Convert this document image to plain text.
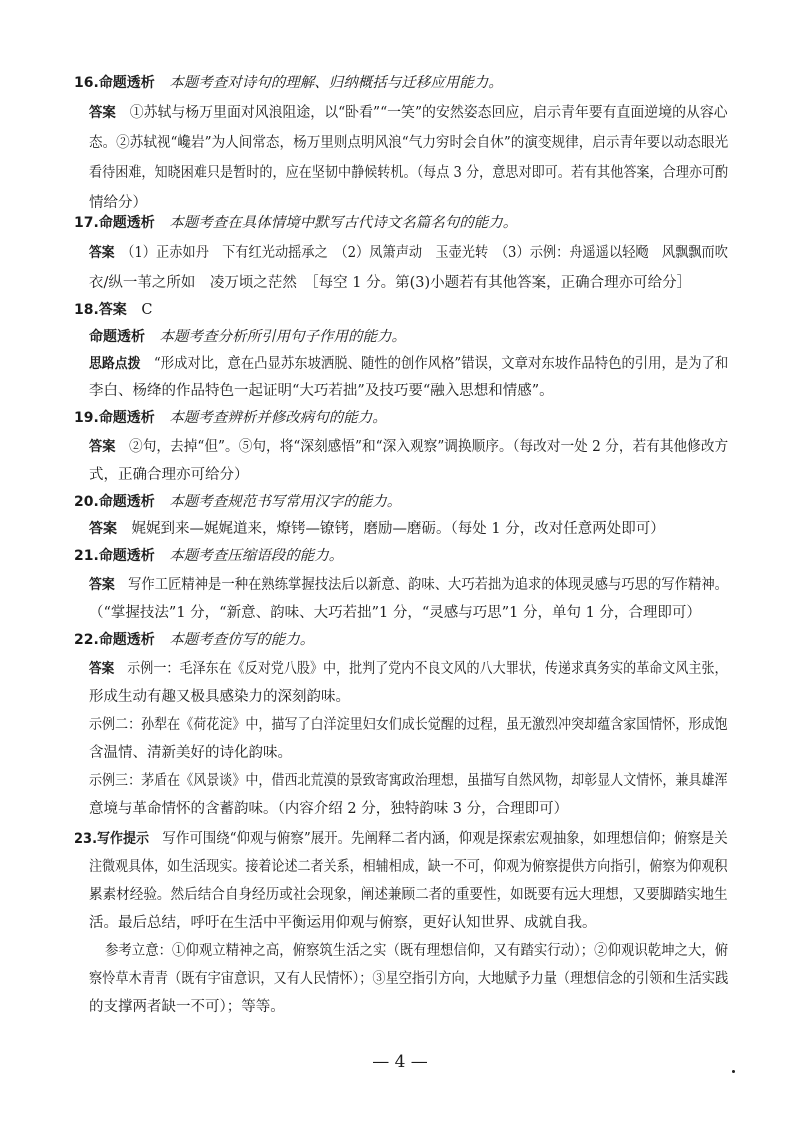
16.命题透析　 本题考查对诗句的理解、归纳概括与迁移应用能力。
答案　 ①苏轼与杨万里面对风浪阻途，以“卧看”“一笑”的安然姿态回应，启示青年要有直面逆境的从容心
态。②苏轼视“巉岩”为人间常态，杨万里则点明风浪“气力穷时会自休”的演变规律，启示青年要以动态眼光
看待困难，知晓困难只是暂时的，应在坚韧中静候转机。（每点 3 分，意思对即可。若有其他答案，合理亦可酌
情给分）
17.命题透析　 本题考查在具体情境中默写古代诗文名篇名句的能力。
答案　 （1）正赤如丹　下有红光动摇承之　（2）凤箫声动　玉壶光转　（3）示例：舟遥遥以轻飏　风飘飘而吹
衣/纵一苇之所如　凌万顷之茫然　［每空 1 分。第(3)小题若有其他答案，正确合理亦可给分］
18.答案　 C
命题透析　 本题考查分析所引用句子作用的能力。
思路点拨　 “形成对比，意在凸显苏东坡洒脱、随性的创作风格”错误，文章对东坡作品特色的引用，是为了和
李白、杨绛的作品特色一起证明“大巧若拙”及技巧要“融入思想和情感”。
19.命题透析　 本题考查辨析并修改病句的能力。
答案　 ②句，去掉“但”。⑤句，将“深刻感悟”和“深入观察”调换顺序。（每改对一处 2 分，若有其他修改方
式，正确合理亦可给分）
20.命题透析　 本题考查规范书写常用汉字的能力。
答案　 娓娓到来—娓娓道来，燎铐—镣铐，磨励—磨砺。（每处 1 分，改对任意两处即可）
21.命题透析　 本题考查压缩语段的能力。
答案　 写作工匠精神是一种在熟练掌握技法后以新意、韵味、大巧若拙为追求的体现灵感与巧思的写作精神。
（“掌握技法”1 分，“新意、韵味、大巧若拙”1 分，“灵感与巧思”1 分，单句 1 分，合理即可）
22.命题透析　 本题考查仿写的能力。
答案　 示例一：毛泽东在《反对党八股》中，批判了党内不良文风的八大罪状，传递求真务实的革命文风主张，
形成生动有趣又极具感染力的深刻韵味。
示例二：孙犁在《荷花淀》中，描写了白洋淀里妇女们成长觉醒的过程，虽无激烈冲突却蕴含家国情怀，形成饱
含温情、清新美好的诗化韵味。
示例三：茅盾在《风景谈》中，借西北荒漠的景致寄寓政治理想，虽描写自然风物，却彰显人文情怀，兼具雄浑
意境与革命情怀的含蓄韵味。（内容介绍 2 分，独特韵味 3 分，合理即可）
23.写作提示　 写作可围绕“仰观与俯察”展开。先阐释二者内涵，仰观是探索宏观抽象，如理想信仰；俯察是关
注微观具体，如生活现实。接着论述二者关系，相辅相成，缺一不可，仰观为俯察提供方向指引，俯察为仰观积
累素材经验。然后结合自身经历或社会现象，阐述兼顾二者的重要性，如既要有远大理想，又要脚踏实地生
活。最后总结，呼吁在生活中平衡运用仰观与俯察，更好认知世界、成就自我。
参考立意：①仰观立精神之高，俯察筑生活之实（既有理想信仰，又有踏实行动）；②仰观识乾坤之大，俯
察怜草木青青（既有宇宙意识，又有人民情怀）；③星空指引方向，大地赋予力量（理想信念的引领和生活实践
的支撑两者缺一不可）；等等。
— 4 —
